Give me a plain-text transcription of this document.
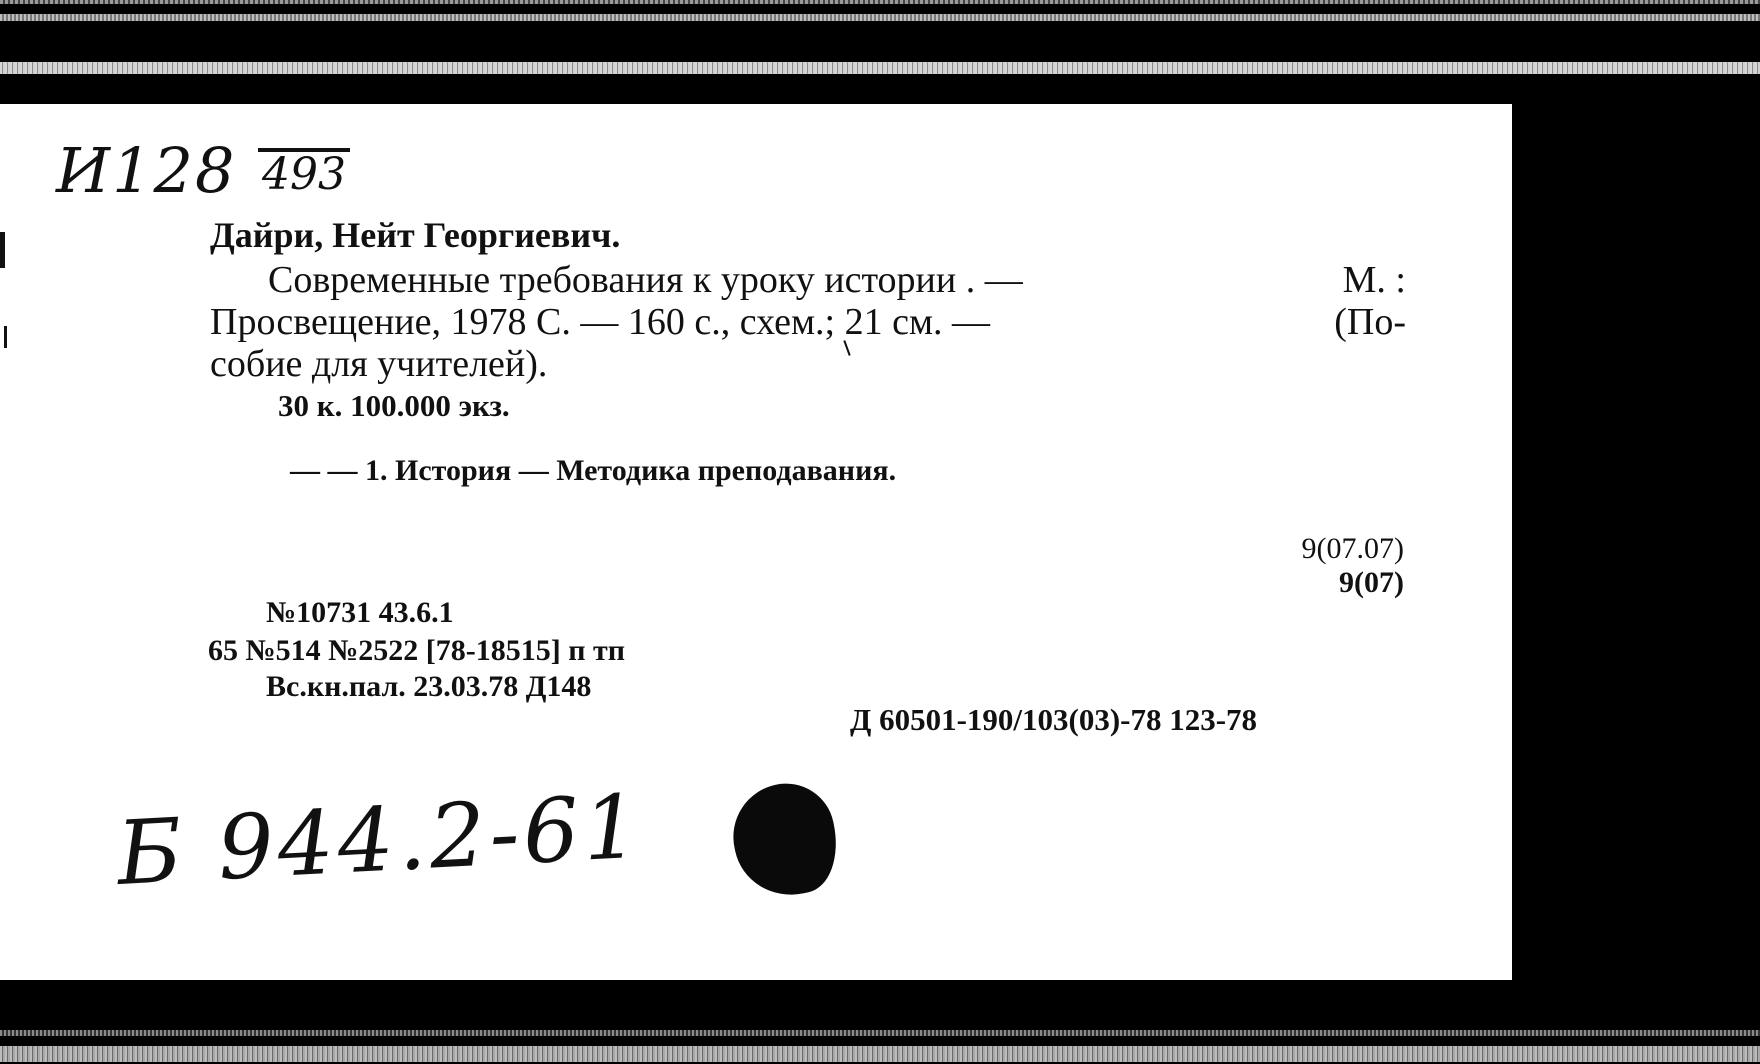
И128 493
Дайри, Нейт Георгиевич.
Современные требования к уроку истории . —	М. :
Просвещение, 1978 С. — 160 с., схем.; 21 см. —	(По-
собие для учителей).
30 к. 100.000 экз.
— — 1. История — Методика преподавания.
9(07.07)
9(07)
№10731 43.6.1
65 №514 №2522 [78-18515] п тп
Вс.кн.пал. 23.03.78 Д148
Д 60501-190/103(03)-78 123-78
Б 944.2-61
